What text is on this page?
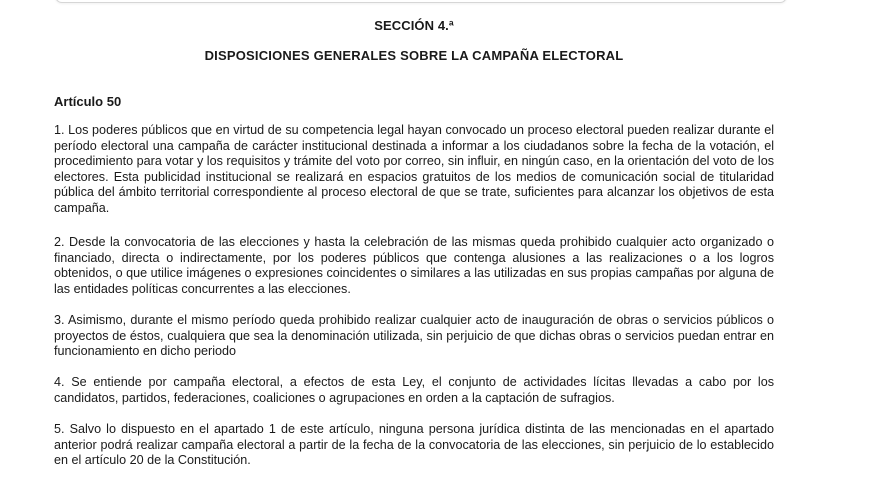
SECCIÓN 4.ª
DISPOSICIONES GENERALES SOBRE LA CAMPAÑA ELECTORAL
Artículo 50

1. Los poderes públicos que en virtud de su competencia legal hayan convocado un proceso electoral pueden realizar durante el período electoral una campaña de carácter institucional destinada a informar a los ciudadanos sobre la fecha de la votación, el procedimiento para votar y los requisitos y trámite del voto por correo, sin influir, en ningún caso, en la orientación del voto de los electores. Esta publicidad institucional se realizará en espacios gratuitos de los medios de comunicación social de titularidad pública del ámbito territorial correspondiente al proceso electoral de que se trate, suficientes para alcanzar los objetivos de esta campaña.

2. Desde la convocatoria de las elecciones y hasta la celebración de las mismas queda prohibido cualquier acto organizado o financiado, directa o indirectamente, por los poderes públicos que contenga alusiones a las realizaciones o a los logros obtenidos, o que utilice imágenes o expresiones coincidentes o similares a las utilizadas en sus propias campañas por alguna de las entidades políticas concurrentes a las elecciones.

3. Asimismo, durante el mismo período queda prohibido realizar cualquier acto de inauguración de obras o servicios públicos o proyectos de éstos, cualquiera que sea la denominación utilizada, sin perjuicio de que dichas obras o servicios puedan entrar en funcionamiento en dicho periodo

4. Se entiende por campaña electoral, a efectos de esta Ley, el conjunto de actividades lícitas llevadas a cabo por los candidatos, partidos, federaciones, coaliciones o agrupaciones en orden a la captación de sufragios.

5. Salvo lo dispuesto en el apartado 1 de este artículo, ninguna persona jurídica distinta de las mencionadas en el apartado anterior podrá realizar campaña electoral a partir de la fecha de la convocatoria de las elecciones, sin perjuicio de lo establecido en el artículo 20 de la Constitución.
